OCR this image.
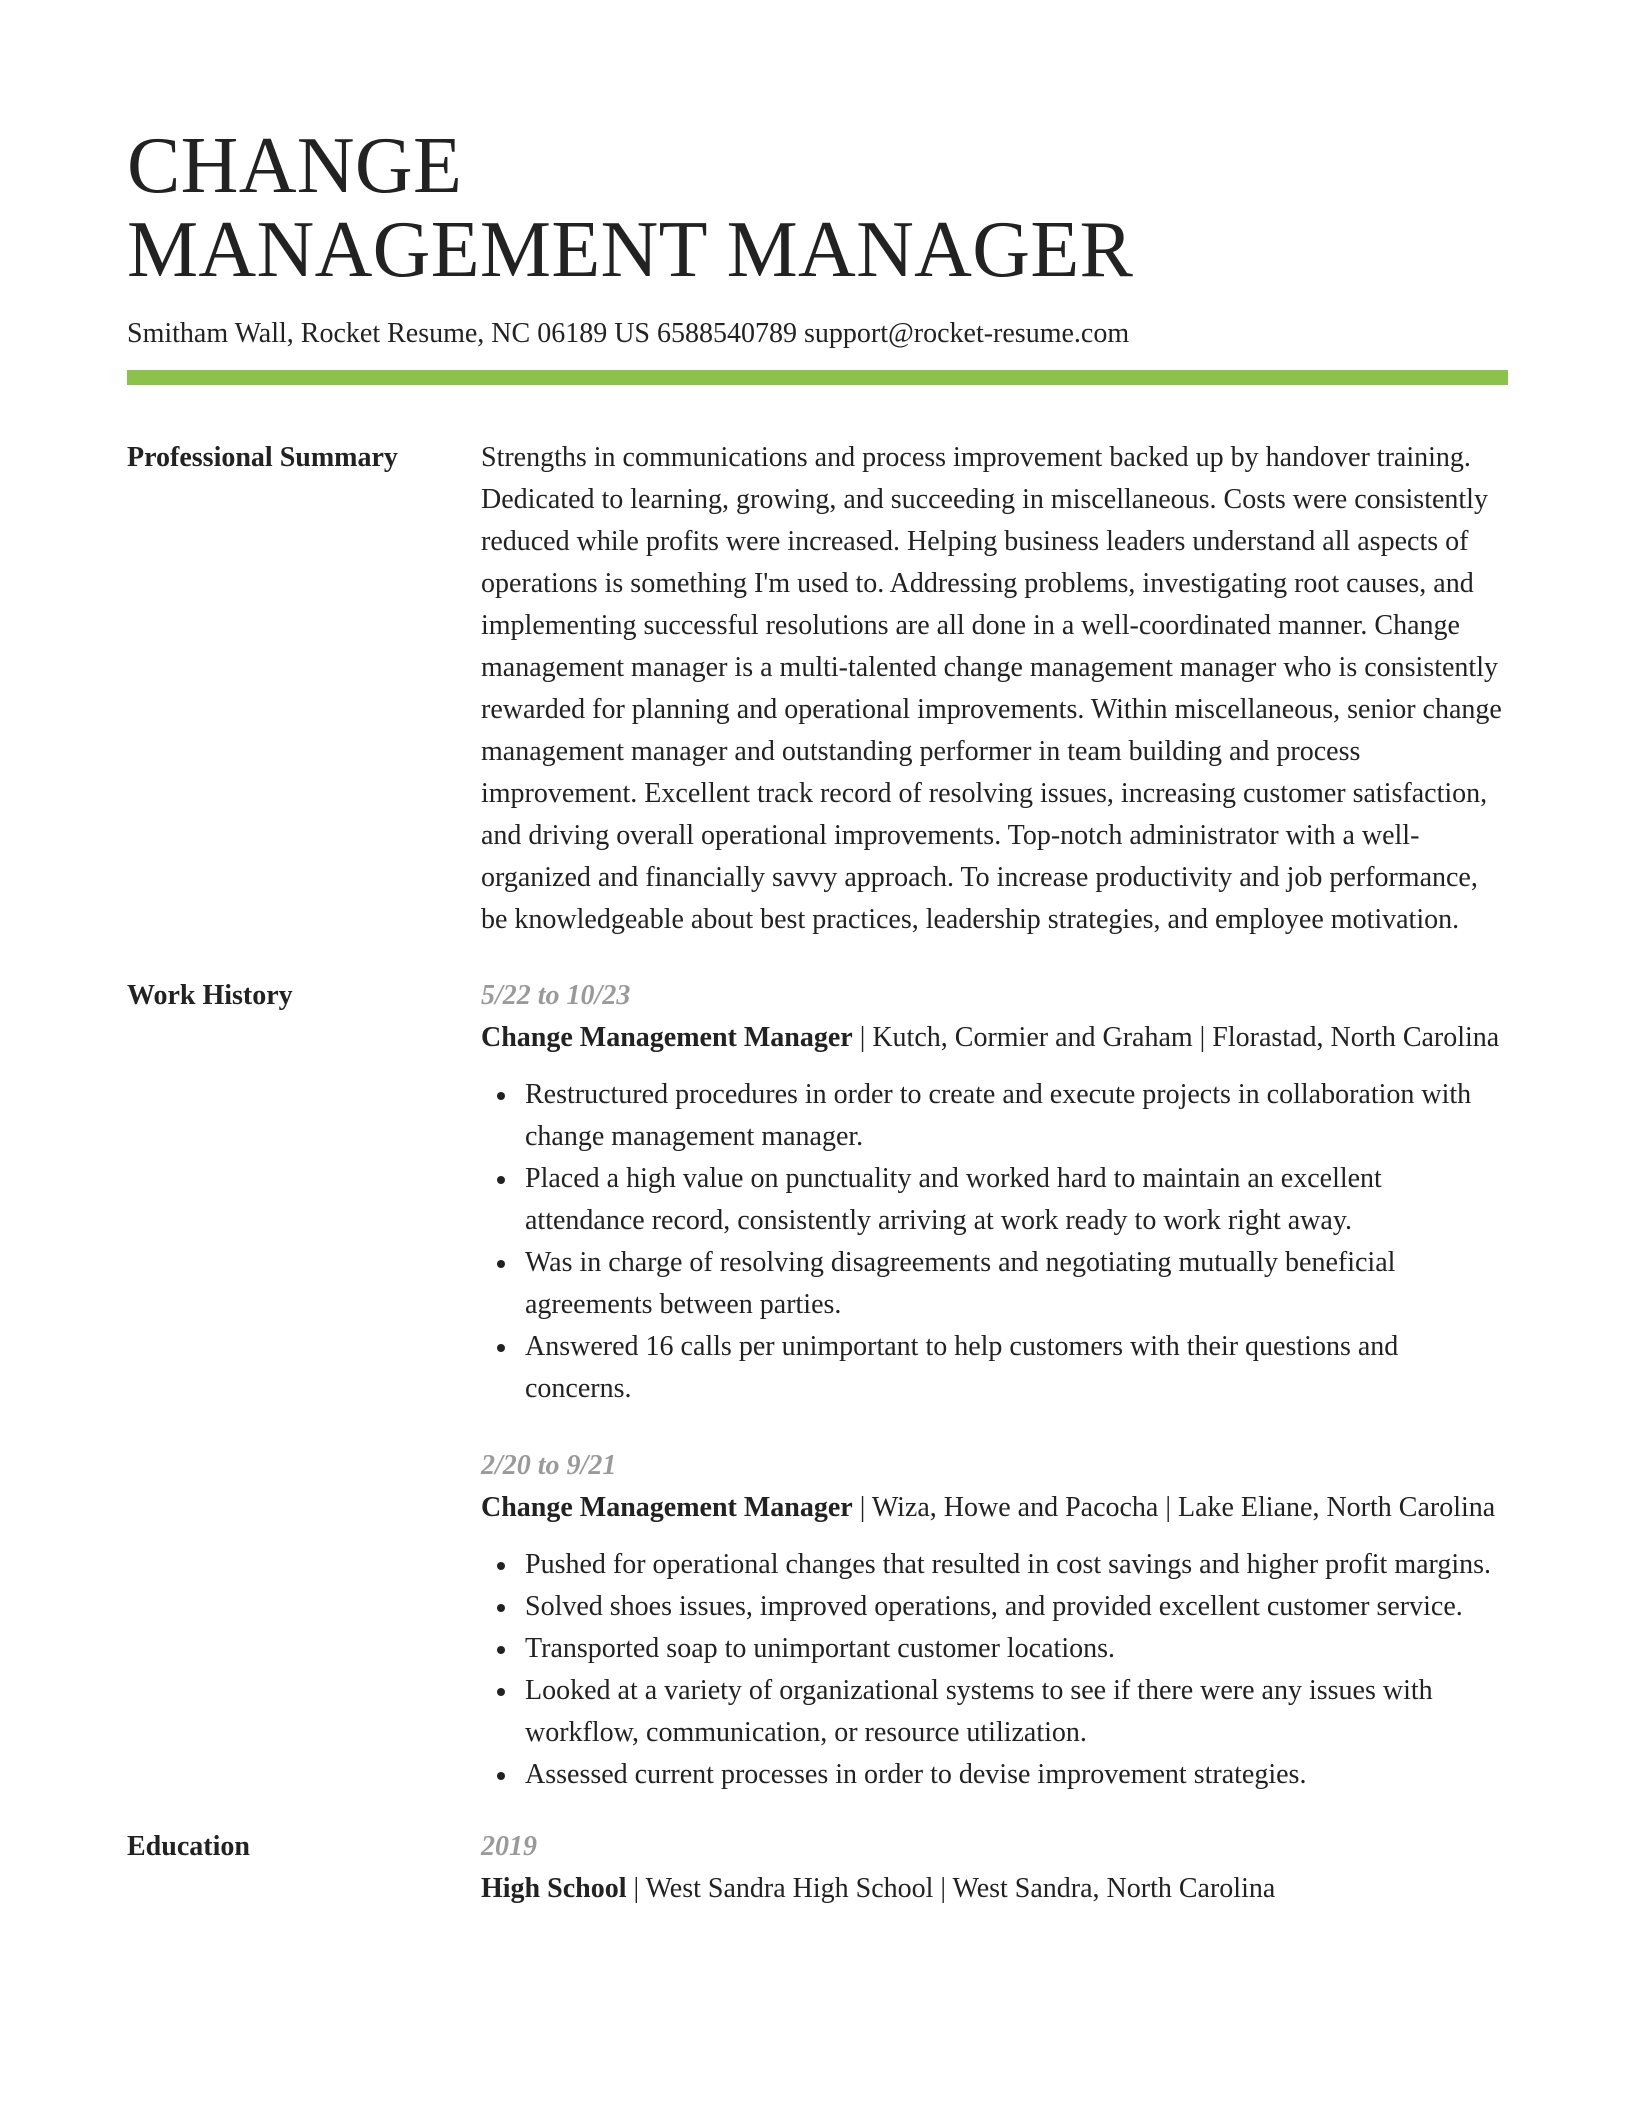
CHANGE
MANAGEMENT MANAGER
Smitham Wall, Rocket Resume, NC 06189 US 6588540789 support@rocket-resume.com
Professional Summary	Strengths in communications and process improvement backed up by handover training. Dedicated to learning, growing, and succeeding in miscellaneous. Costs were consistently reduced while profits were increased. Helping business leaders understand all aspects of operations is something I'm used to. Addressing problems, investigating root causes, and implementing successful resolutions are all done in a well-coordinated manner. Change management manager is a multi-talented change management manager who is consistently rewarded for planning and operational improvements. Within miscellaneous, senior change management manager and outstanding performer in team building and process improvement. Excellent track record of resolving issues, increasing customer satisfaction, and driving overall operational improvements. Top-notch administrator with a well-organized and financially savvy approach. To increase productivity and job performance, be knowledgeable about best practices, leadership strategies, and employee motivation.

Work History	5/22 to 10/23
Change Management Manager | Kutch, Cormier and Graham | Florastad, North Carolina
Restructured procedures in order to create and execute projects in collaboration with change management manager.
Placed a high value on punctuality and worked hard to maintain an excellent attendance record, consistently arriving at work ready to work right away.
Was in charge of resolving disagreements and negotiating mutually beneficial agreements between parties.
Answered 16 calls per unimportant to help customers with their questions and concerns.
2/20 to 9/21
Change Management Manager | Wiza, Howe and Pacocha | Lake Eliane, North Carolina
Pushed for operational changes that resulted in cost savings and higher profit margins.
Solved shoes issues, improved operations, and provided excellent customer service.
Transported soap to unimportant customer locations.
Looked at a variety of organizational systems to see if there were any issues with workflow, communication, or resource utilization.
Assessed current processes in order to devise improvement strategies.
Education	2019
High School | West Sandra High School | West Sandra, North Carolina
